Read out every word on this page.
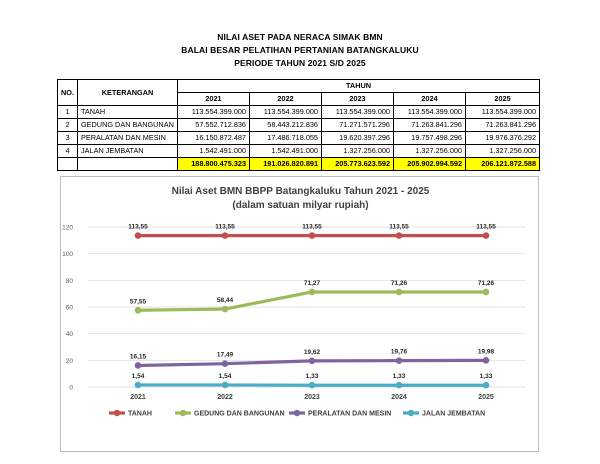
NILAI ASET PADA NERACA SIMAK BMN
BALAI BESAR PELATIHAN PERTANIAN BATANGKALUKU
PERIODE TAHUN 2021 S/D 2025
NO.	KETERANGAN	TAHUN				
		2021	2022	2023	2024	2025
1	TANAH	113.554.399.000	113.554.399.000	113.554.399.000	113.554.399.000	113.554.399.000
2	GEDUNG DAN BANGUNAN	57.552.712.836	58.443.212.836	71.271.571.296	71.263.841.296	71.263.841.296
3	PERALATAN DAN MESIN	16.150.872.487	17.486.718.055	19.620.397.296	19.757.498.296	19.976.376.292
4	JALAN JEMBATAN	1.542.491.000	1.542.491.000	1.327.256.000	1.327.256.000	1.327.256.000
		188.800.475.323	191.026.820.891	205.773.623.592	205.902.994.592	206.121.872.588
Nilai Aset BMN BBPP Batangkaluku Tahun 2021 - 2025
(dalam satuan milyar rupiah)
0
20
40
60
80
100
120
2021	2022	2023	2024	2025
113,55	113,55	113,55	113,55	113,55
57,55	58,44
71,27	71,26	71,26
16,15	17,49	19,62	19,76	19,98
1,54	1,54	1,33	1,33	1,33
TANAH	GEDUNG DAN BANGUNAN	PERALATAN DAN MESIN	JALAN JEMBATAN
